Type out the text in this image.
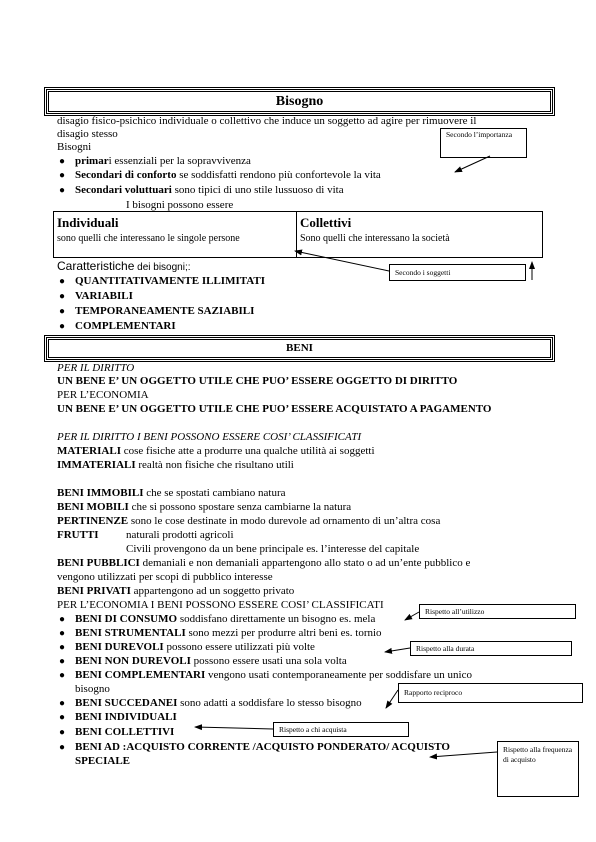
Bisogno
disagio fisico-psichico individuale o collettivo che induce un soggetto ad agire per rimuovere il
disagio stesso
Bisogni
● primari essenziali per la sopravvivenza
● Secondari di conforto se soddisfatti rendono più confortevole la vita
● Secondari voluttuari sono tipici di uno stile lussuoso di vita
I bisogni possono essere
Secondo l’importanza
Individuali
sono quelli che interessano le singole persone
Collettivi
Sono quelli che interessano la società
Secondo i soggetti
Caratteristiche dei bisogni;:
● QUANTITATIVAMENTE ILLIMITATI
● VARIABILI
● TEMPORANEAMENTE SAZIABILI
● COMPLEMENTARI
BENI
PER IL DIRITTO
UN BENE E’ UN OGGETTO UTILE CHE PUO’ ESSERE OGGETTO DI DIRITTO
PER L’ECONOMIA
UN BENE E’ UN OGGETTO UTILE CHE PUO’ ESSERE ACQUISTATO A PAGAMENTO
PER IL DIRITTO I BENI POSSONO ESSERE COSI’ CLASSIFICATI
MATERIALI cose fisiche atte a produrre una qualche utilità ai soggetti
IMMATERIALI realtà non fisiche che risultano utili
BENI IMMOBILI che se spostati cambiano natura
BENI MOBILI che si possono spostare senza cambiarne la natura
PERTINENZE sono le cose destinate in modo durevole ad ornamento di un’altra cosa
FRUTTI naturali prodotti agricoli
Civili provengono da un bene principale es. l’interesse del capitale
BENI PUBBLICI demaniali e non demaniali appartengono allo stato o ad un’ente pubblico e
vengono utilizzati per scopi di pubblico interesse
BENI PRIVATI appartengono ad un soggetto privato
PER L’ECONOMIA I BENI POSSONO ESSERE COSI’ CLASSIFICATI
● BENI DI CONSUMO soddisfano direttamente un bisogno es. mela
● BENI STRUMENTALI sono mezzi per produrre altri beni es. tornio
● BENI DUREVOLI possono essere utilizzati più volte
● BENI NON DUREVOLI possono essere usati una sola volta
● BENI COMPLEMENTARI vengono usati contemporaneamente per soddisfare un unico
bisogno
● BENI SUCCEDANEI sono adatti a soddisfare lo stesso bisogno
● BENI INDIVIDUALI
● BENI COLLETTIVI
● BENI AD :ACQUISTO CORRENTE /ACQUISTO PONDERATO/ ACQUISTO
SPECIALE
Rispetto all’utilizzo
Rispetto alla durata
Rapporto reciproco
Rispetto a chi acquista
Rispetto alla frequenza di acquisto
